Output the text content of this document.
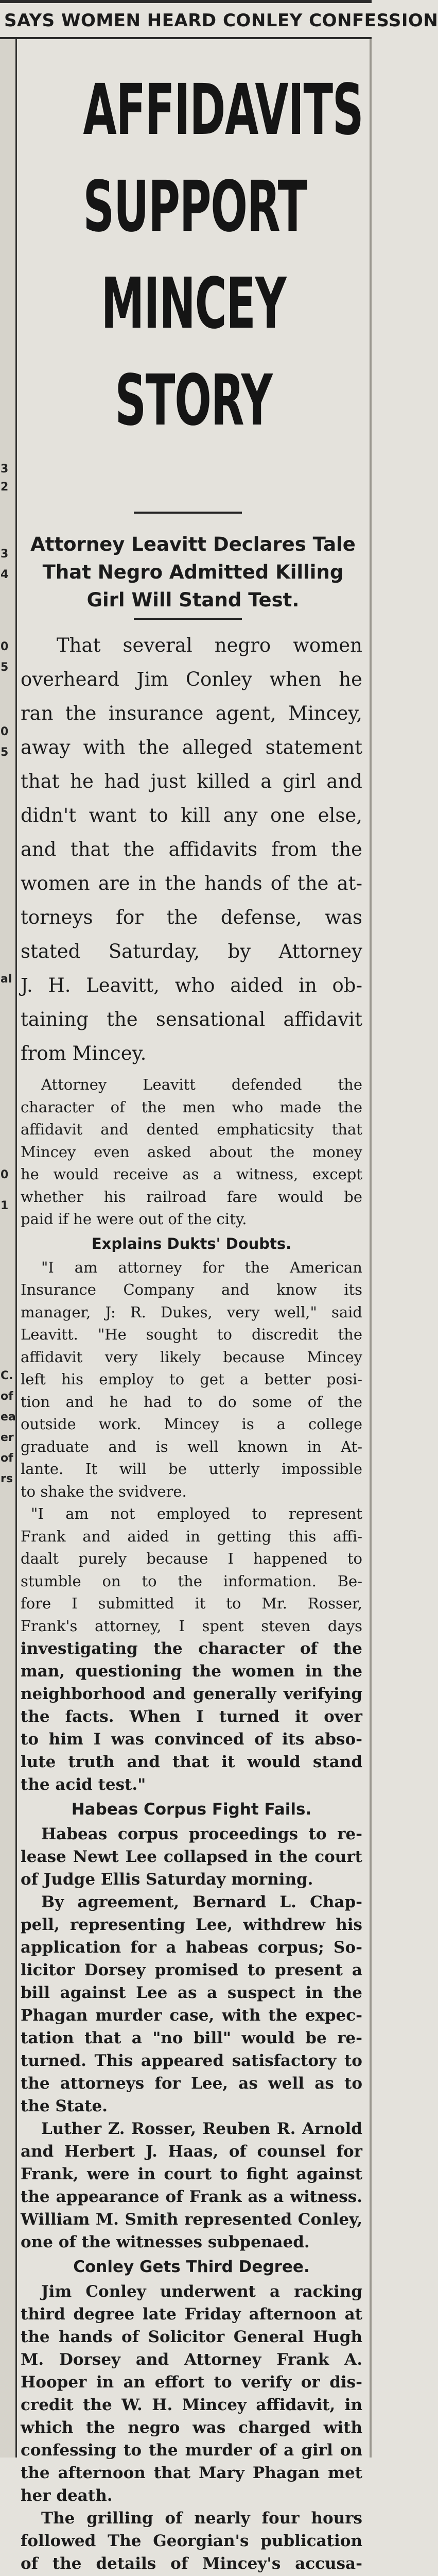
SAYS WOMEN HEARD CONLEY CONFESSION
3
2
3
4
0
5
0
5
al
0
1
C.
of
ea
er
of
rs
AFFIDAVITS
SUPPORT
MINCEY
STORY
Attorney Leavitt Declares Tale
That Negro Admitted Killing
Girl Will Stand Test.
That several negro women
overheard Jim Conley when he
ran the insurance agent, Mincey,
away with the alleged statement
that he had just killed a girl and
didn't want to kill any one else,
and that the affidavits from the
women are in the hands of the at-
torneys for the defense, was
stated Saturday, by Attorney
J. H. Leavitt, who aided in ob-
taining the sensational affidavit
from Mincey.
Attorney Leavitt defended the
character of the men who made the
affidavit and dented emphaticsity that
Mincey even asked about the money
he would receive as a witness, except
whether his railroad fare would be
paid if he were out of the city.
Explains Dukts' Doubts.
"I am attorney for the American
Insurance Company and know its
manager, J: R. Dukes, very well," said
Leavitt. "He sought to discredit the
affidavit very likely because Mincey
left his employ to get a better posi-
tion and he had to do some of the
outside work. Mincey is a college
graduate and is well known in At-
lante. It will be utterly impossible
to shake the svidvere.
"I am not employed to represent
Frank and aided in getting this affi-
daalt purely because I happened to
stumble on to the information. Be-
fore I submitted it to Mr. Rosser,
Frank's attorney, I spent steven days
investigating the character of the
man, questioning the women in the
neighborhood and generally verifying
the facts. When I turned it over
to him I was convinced of its abso-
lute truth and that it would stand
the acid test."
Habeas Corpus Fight Fails.
Habeas corpus proceedings to re-
lease Newt Lee collapsed in the court
of Judge Ellis Saturday morning.
By agreement, Bernard L. Chap-
pell, representing Lee, withdrew his
application for a habeas corpus; So-
licitor Dorsey promised to present a
bill against Lee as a suspect in the
Phagan murder case, with the expec-
tation that a "no bill" would be re-
turned. This appeared satisfactory to
the attorneys for Lee, as well as to
the State.
Luther Z. Rosser, Reuben R. Arnold
and Herbert J. Haas, of counsel for
Frank, were in court to fight against
the appearance of Frank as a witness.
William M. Smith represented Conley,
one of the witnesses subpenaed.
Conley Gets Third Degree.
Jim Conley underwent a racking
third degree late Friday afternoon at
the hands of Solicitor General Hugh
M. Dorsey and Attorney Frank A.
Hooper in an effort to verify or dis-
credit the W. H. Mincey affidavit, in
which the negro was charged with
confessing to the murder of a girl on
the afternoon that Mary Phagan met
her death.
The grilling of nearly four hours
followed The Georgian's publication
of the details of Mincey's accusa-
